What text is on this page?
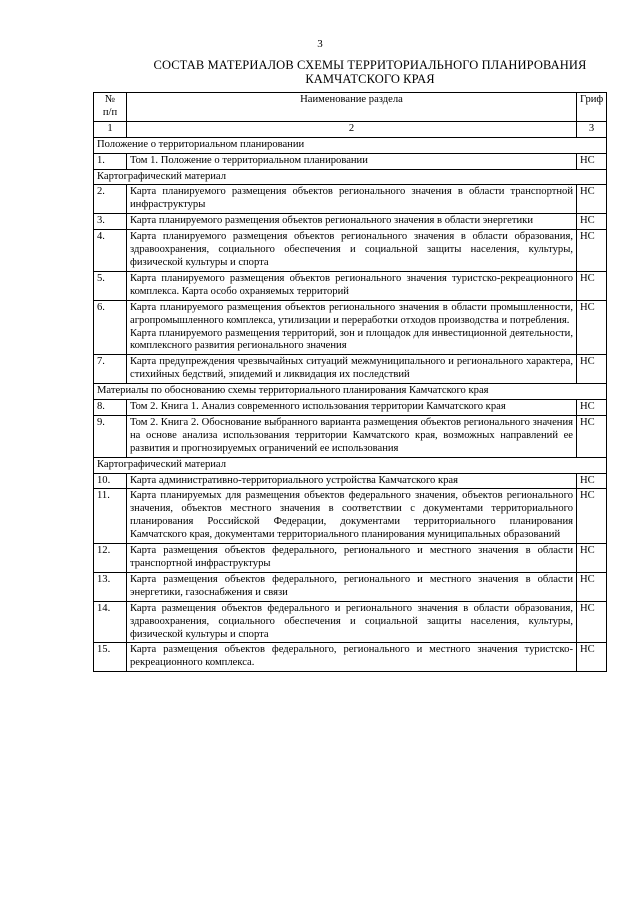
3
СОСТАВ МАТЕРИАЛОВ СХЕМЫ ТЕРРИТОРИАЛЬНОГО ПЛАНИРОВАНИЯ
КАМЧАТСКОГО КРАЯ
№
п/п	Наименование раздела	Гриф
1	2	3
Положение о территориальном планировании		
1.	Том 1. Положение о территориальном планировании	НС
Картографический материал		
2.	Карта планируемого размещения объектов регионального значения в области транспортной инфраструктуры	НС
3.	Карта планируемого размещения объектов регионального значения в области энергетики	НС
4.	Карта планируемого размещения объектов регионального значения в области образования, здравоохранения, социального обеспечения и социальной защиты населения, культуры, физической культуры и спорта	НС
5.	Карта планируемого размещения объектов регионального значения туристско-рекреационного комплекса. Карта особо охраняемых территорий	НС
6.	Карта планируемого размещения объектов регионального значения в области промышленности, агропромышленного комплекса, утилизации и переработки отходов производства и потребления.
Карта планируемого размещения территорий, зон и площадок для инвестиционной деятельности, комплексного развития регионального значения	НС
7.	Карта предупреждения чрезвычайных ситуаций межмуниципального и регионального характера, стихийных бедствий, эпидемий и ликвидация их последствий	НС
Материалы по обоснованию схемы территориального планирования Камчатского края		
8.	Том 2. Книга 1. Анализ современного использования территории Камчатского края	НС
9.	Том 2. Книга 2. Обоснование выбранного варианта размещения объектов регионального значения на основе анализа использования территории Камчатского края, возможных направлений ее развития и прогнозируемых ограничений ее использования	НС
Картографический материал		
10.	Карта административно-территориального устройства Камчатского края	НС
11.	Карта планируемых для размещения объектов федерального значения, объектов регионального значения, объектов местного значения в соответствии с документами территориального планирования Российской Федерации, документами территориального планирования Камчатского края, документами территориального планирования муниципальных образований	НС
12.	Карта размещения объектов федерального, регионального и местного значения в области транспортной инфраструктуры	НС
13.	Карта размещения объектов федерального, регионального и местного значения в области энергетики, газоснабжения и связи	НС
14.	Карта размещения объектов федерального и регионального значения в области образования, здравоохранения, социального обеспечения и социальной защиты населения, культуры, физической культуры и спорта	НС
15.	Карта размещения объектов федерального, регионального и местного значения туристско-рекреационного комплекса.	НС
